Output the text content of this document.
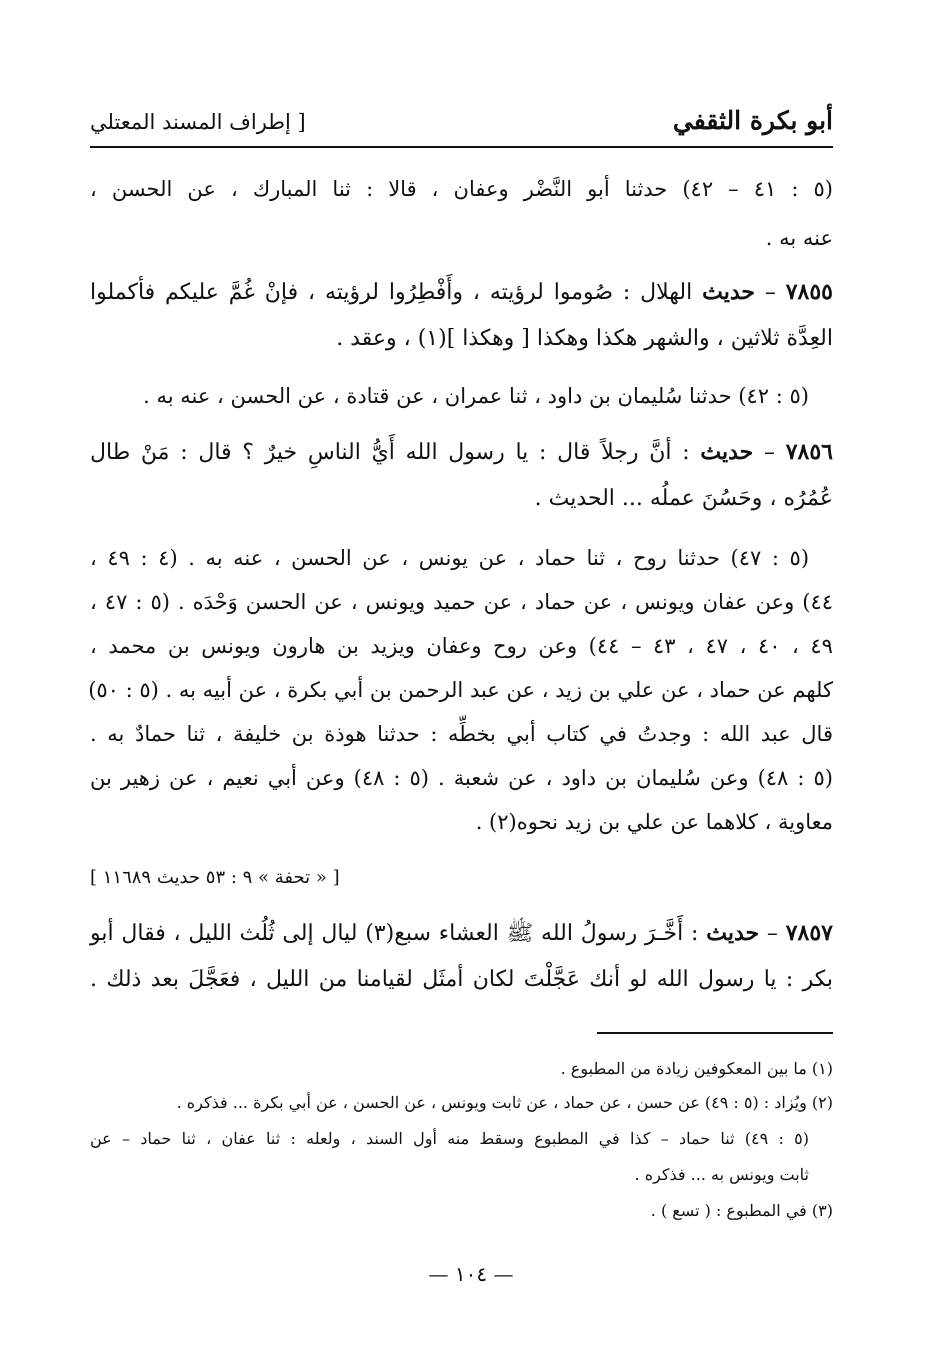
أبو بكرة الثقفي
[ إطراف المسند المعتلي
(٥ : ٤١ – ٤٢) حدثنا أبو النَّضْر وعفان ، قالا : ثنا المبارك ، عن الحسن ،
عنه به .
٧٨٥٥ – حديث الهلال : صُوموا لرؤيته ، وأَفْطِرُوا لرؤيته ، فإنْ غُمَّ عليكم فأكملوا
العِدَّة ثلاثين ، والشهر هكذا وهكذا [ وهكذا ](١) ، وعقد .
(٥ : ٤٢) حدثنا سُليمان بن داود ، ثنا عمران ، عن قتادة ، عن الحسن ، عنه به .
٧٨٥٦ – حديث : أنَّ رجلاً قال : يا رسول الله أَيُّ الناسِ خيرٌ ؟ قال : مَنْ طال
عُمُرُه ، وحَسُنَ عملُه ... الحديث .
(٥ : ٤٧) حدثنا روح ، ثنا حماد ، عن يونس ، عن الحسن ، عنه به . (٤ : ٤٩ ،
٤٤) وعن عفان ويونس ، عن حماد ، عن حميد ويونس ، عن الحسن وَحْدَه . (٥ : ٤٧ ،
٤٩ ، ٤٠ ، ٤٧ ، ٤٣ – ٤٤) وعن روح وعفان ويزيد بن هارون ويونس بن محمد ،
كلهم عن حماد ، عن علي بن زيد ، عن عبد الرحمن بن أبي بكرة ، عن أبيه به . (٥ : ٥٠)
قال عبد الله : وجدتُ في كتاب أبي بخطِّه : حدثنا هوذة بن خليفة ، ثنا حمادٌ به .
(٥ : ٤٨) وعن سُليمان بن داود ، عن شعبة . (٥ : ٤٨) وعن أبي نعيم ، عن زهير بن
معاوية ، كلاهما عن علي بن زيد نحوه(٢) .
[ « تحفة » ٩ : ٥٣ حديث ١١٦٨٩ ]
٧٨٥٧ – حديث : أَخَّـرَ رسولُ الله ﷺ العشاء سبع(٣) ليال إلى ثُلُث الليل ، فقال أبو
بكر : يا رسول الله لو أنك عَجَّلْتَ لكان أمثَل لقيامنا من الليل ، فعَجَّلَ بعد ذلك .
(١) ما بين المعكوفين زيادة من المطبوع .
(٢) ويُزاد : (٥ : ٤٩) عن حسن ، عن حماد ، عن ثابت ويونس ، عن الحسن ، عن أبي بكرة ... فذكره .
(٥ : ٤٩) ثنا حماد – كذا في المطبوع وسقط منه أول السند ، ولعله : ثنا عفان ، ثنا حماد – عن
ثابت ويونس به ... فذكره .
(٣) في المطبوع : ( تسع ) .
— ١٠٤ —
